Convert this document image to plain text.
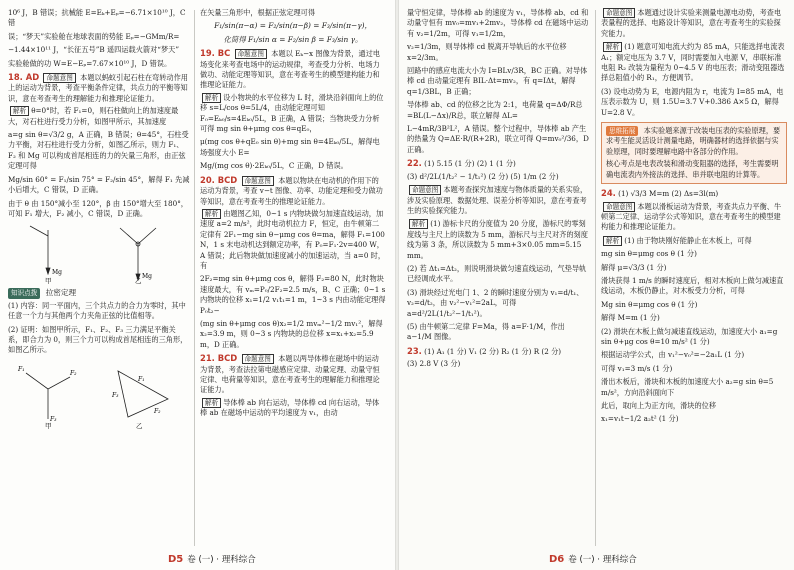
10⁶ J，B 错误；抗械能 E=Eₖ+Eₚ=−6.71×10¹⁰ J，C 错

误；“梦天”实验舱在地球表面的势能 Eₚ=−GMm/R=

−1.44×10¹¹ J，“长征五号”B 遥四运载火箭对“梦天”

实验舱做的功 W=E−Eₚ=7.67×10¹⁰ J，D 错误。

18. AD 命题意图 本题以蚂蚁引起石柱在弯转动作用上的运动为背景，考查平衡条件定律，共点力的平衡等知识，意在考查考生的理解能力和推理论证能力。

解析 θ=0°时，若 F₁=0，则石柱做向上的加速度最大，对石柱进行受力分析，如图甲所示，其加速度

a=g sin θ=√3/2 g，A 正确，B 错误；θ=45°，石柱受力平衡，对石柱进行受力分析，如图乙所示，则力 F₁、F₂ 和 Mg 可以构成首尾相连的力的矢量三角形，由正弦定理可得

Mg/sin 60° = F₁/sin 75° = F₂/sin 45°，解得 F₁ 先减小后增大，C 错误，D 正确。

由于 θ 由 150°减小至 120°，β 由 150°增大至 180°，可知 F₁ 增大，F₂ 减小，C 错误，D 正确。

Mg
Mg
甲	乙
知识点拨 拉密定理

(1) 内容：同一平面内，三个共点力的合力为零时，其中任意一个力与其他两个力夹角正弦的比值相等。

(2) 证明：如图甲所示，F₁、F₂、F₃ 三力满足平衡关系，即合力为 0，则三个力可以构成首尾相连的三角形，如图乙所示。

F₁
F₂
F₃
F₁
F₂
F₃
甲	乙

在矢量三角形中，根据正弦定理可得

F₁/sin(π−α) = F₂/sin(π−β) = F₃/sin(π−γ)，

化简得 F₁/sin α = F₂/sin β = F₃/sin γ。

19. BC 命题意图 本题以 Eₖ−x 图像为背景，通过电场变化来考查电场中的运动规律，考查受力分析、电场力做功、动能定理等知识，意在考查考生的模型建构能力和推理论证能力。

解析 设小物块的水平位移为 L 时，滑块沿斜面向上的位移 s=L/cos θ=5L/4，由动能定理可知 F₀=Eₖ₀/s=4Eₖ₀/5L，B 正确，A 错误；当物块受力分析可得 mg sin θ+μmg cos θ=qE₀，

μ(mg cos θ+qE₀ sin θ)+mg sin θ=4Eₖ₀/5L，解得电场强度大小 E=

Mg/(mg cos θ)·2Eₖ₀/5L，C 正确，D 错误。

20. BCD 命题意图 本题以物块在电动机的作用下的运动为背景，考查 v−t 图像、功率、功能定理和受力做功等知识，意在考查考生的推理论证能力。

解析 由题图乙知，0~1 s 内物块做匀加速直线运动，加速度 a=2 m/s²，此时电动机拉力 F，恒定，由牛顿第二定律有 2F₁−mg sin θ−μmg cos θ=ma，解得 F₁=100 N，1 s 末电动机达到额定功率，有 P₀=F₁·2v=400 W，A 错误；此后物块做加速度减小的加速运动，当 a=0 时，有

2F₂=mg sin θ+μmg cos θ，解得 F₂=80 N，此时物块速度最大，有 vₘ=P₀/2F₂=2.5 m/s，B、C 正确；0~1 s 内物块的位移 x₁=1/2 v₁t₁=1 m，1~3 s 内由动能定理得 P₀t₂−

(mg sin θ+μmg cos θ)x₂=1/2 mvₘ²−1/2 mv₁²，解得 x₂=3.9 m，则 0~3 s 内物块的总位移 x=x₁+x₂=5.9 m，D 正确。

21. BCD 命题意图 本题以两导体棒在磁场中的运动为背景，考查法拉第电磁感应定律、动量定理、动量守恒定律、电荷量等知识，意在考查考生的理解能力和推理论证能力。

解析 导体棒 ab 向右运动，导体棒 cd 向右运动，导体棒 ab 在磁场中运动的平均速度为 v₁，由动

D5 卷 (一) · 理科综合

量守恒定律，导体棒 ab 的速度为 v₁，导体棒 ab、cd 和动量守恒有 mv₀=mv₁+2mv₂，导体棒 cd 在磁场中运动有 v₂=1/2m，可得 v₁=1/2m，

v₂=1/3m，则导体棒 cd 脱离开导轨后的水平位移 x=2/3m。

回路中的感应电流大小为 I=BLv/3R，BC 正确。对导体棒 cd 由动量定理有 BIL·Δt=mv₂，有 q=IΔt，解得 q=1/3BL，B 正确；

导体棒 ab、cd 的位移之比为 2:1，电荷量 q=ΔΦ/R总=BL(L−Δx)/R总，联立解得 ΔL=

L−4mR/3B²L²，A 错误。整个过程中，导体棒 ab 产生的热量为 Q=ΔE·R/(R+2R)，联立可得 Q=mv₀²/36，D 正确。

22. (1) 5.15 (1 分) (2) 1 (1 分)

(3) d²/2L(1/t₂² − 1/t₁²) (2 分) (5) 1/m (2 分)

命题意图 本题考查探究加速度与物体质量的关系实验，涉及实验原理、数据处理、误差分析等知识，意在考查考生的实验探究能力。

解析 (1) 游标卡尺的分度值为 20 分度，游标尺的零刻度线与主尺上的读数为 5 mm，游标尺与主尺对齐的刻度线为第 3 条，所以读数为 5 mm+3×0.05 mm=5.15 mm。

(2) 若 Δt₁=Δt₂，则说明滑块做匀速直线运动，气垫导轨已经调成水平。

(3) 滑块经过光电门 1、2 的瞬时速度分别为 v₁=d/t₁、v₂=d/t₂，由 v₂²−v₁²=2aL，可得 a=d²/2L(1/t₂²−1/t₁²)。

(5) 由牛顿第二定律 F=Ma，得 a=F·1/M，作出 a−1/M 图像。

23. (1) A₁ (1 分) V₁ (2 分) R₂ (1 分) R (2 分)

(3) 2.8 V (3 分)

命题意图 本题通过设计实验来测量电源电动势，考查电表量程的选择、电路设计等知识，意在考查考生的实验探究能力。

解析 (1) 题意可知电流大约为 85 mA，只能选择电流表 A₁；额定电压为 3.7 V，同时需要加入电源 V，串联标准电阻 R₂ 改装为量程为 0~4.5 V 的电压表；滑动变阻器选择总阻值小的 R₁，方便调节。

(3) 设电动势为 E，电源内阻为 r，电流为 I=85 mA，电压表示数为 U，则 1.5U=3.7 V+0.386 A×5 Ω，解得 U=2.8 V。

思维拓展 本实验题来源于改装电压表的实验原理，要求考生能灵活设计测量电路，明确器材的选择依据与实验原理，同时要理解电路中各部分的作用。
核心考点是电表改装和滑动变阻器的选择，考生需要明确电流表内外接法的选择、串并联电阻的计算等。
24. (1) √3/3 M=m (2) Δs=3l(m)

命题意图 本题以滑板运动为背景，考查共点力平衡、牛顿第二定律、运动学公式等知识，意在考查考生的模型建构能力和推理论证能力。

解析 (1) 由于物块刚好能静止在木板上，可得

mg sin θ=μmg cos θ (1 分)

解得 μ=√3/3 (1 分)

滑块获得 1 m/s 的瞬时速度后，相对木板向上做匀减速直线运动，木板仍静止，对木板受力分析，可得

Mg sin θ=μmg cos θ (1 分)

解得 M=m (1 分)

(2) 滑块在木板上做匀减速直线运动，加速度大小 a₁=g sin θ+μg cos θ=10 m/s² (1 分)

根据运动学公式，由 v₁²−v₀²=−2a₁L (1 分)

可得 v₁=3 m/s (1 分)

滑出木板后，滑块和木板的加速度大小 a₂=g sin θ=5 m/s²，方向沿斜面向下

此后，取向上为正方向，滑块的位移

x₁=v₁t−1/2 a₂t² (1 分)

D6 卷 (一) · 理科综合
